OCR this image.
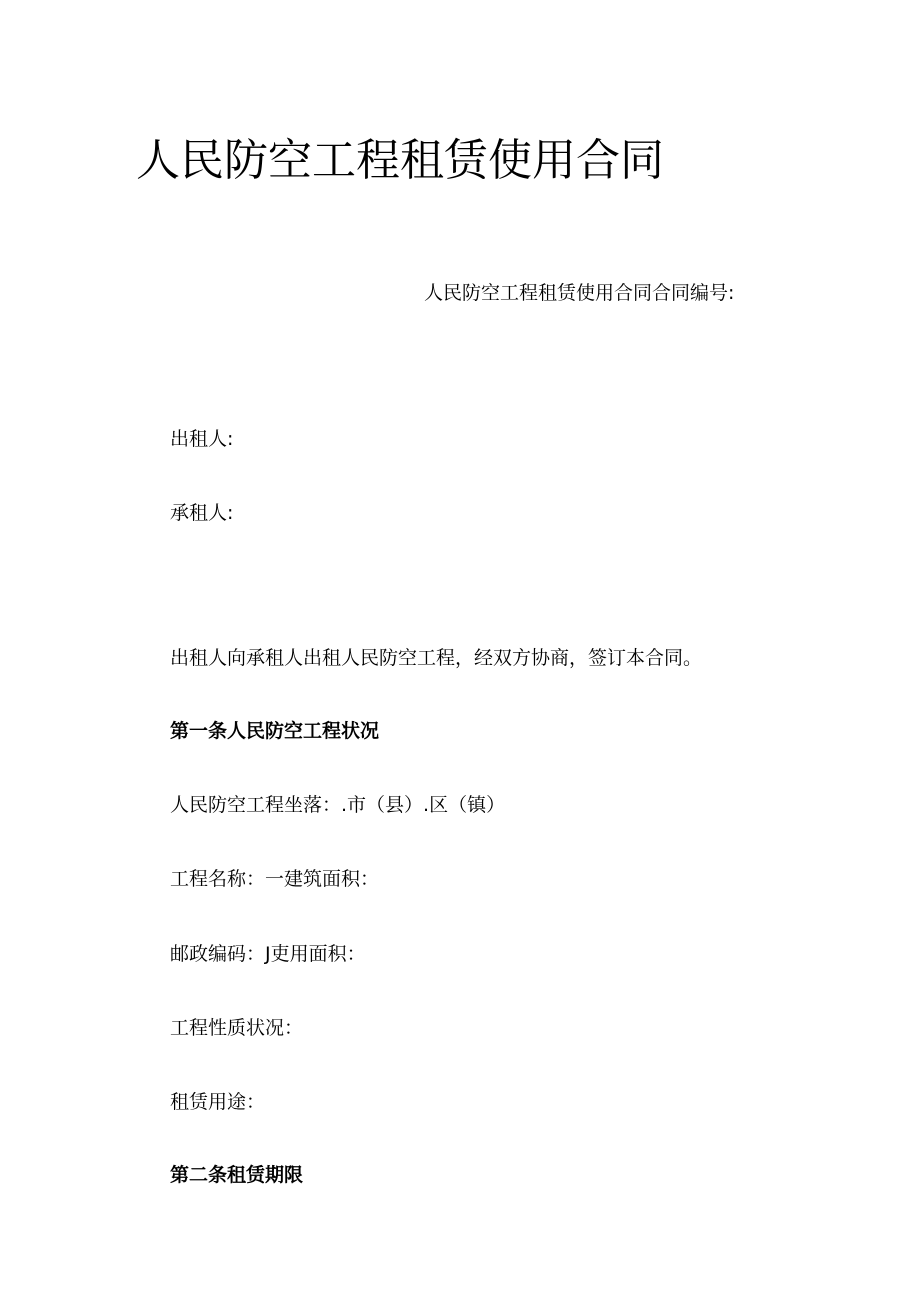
人民防空工程租赁使用合同
人民防空工程租赁使用合同合同编号:
出租人:
承租人:
出租人向承租人出租人民防空工程，经双方协商，签订本合同。
第一条人民防空工程状况
人民防空工程坐落：.市（县）.区（镇）
工程名称：一建筑面积：
邮政编码：J吏用面积：
工程性质状况：
租赁用途：
第二条租赁期限
